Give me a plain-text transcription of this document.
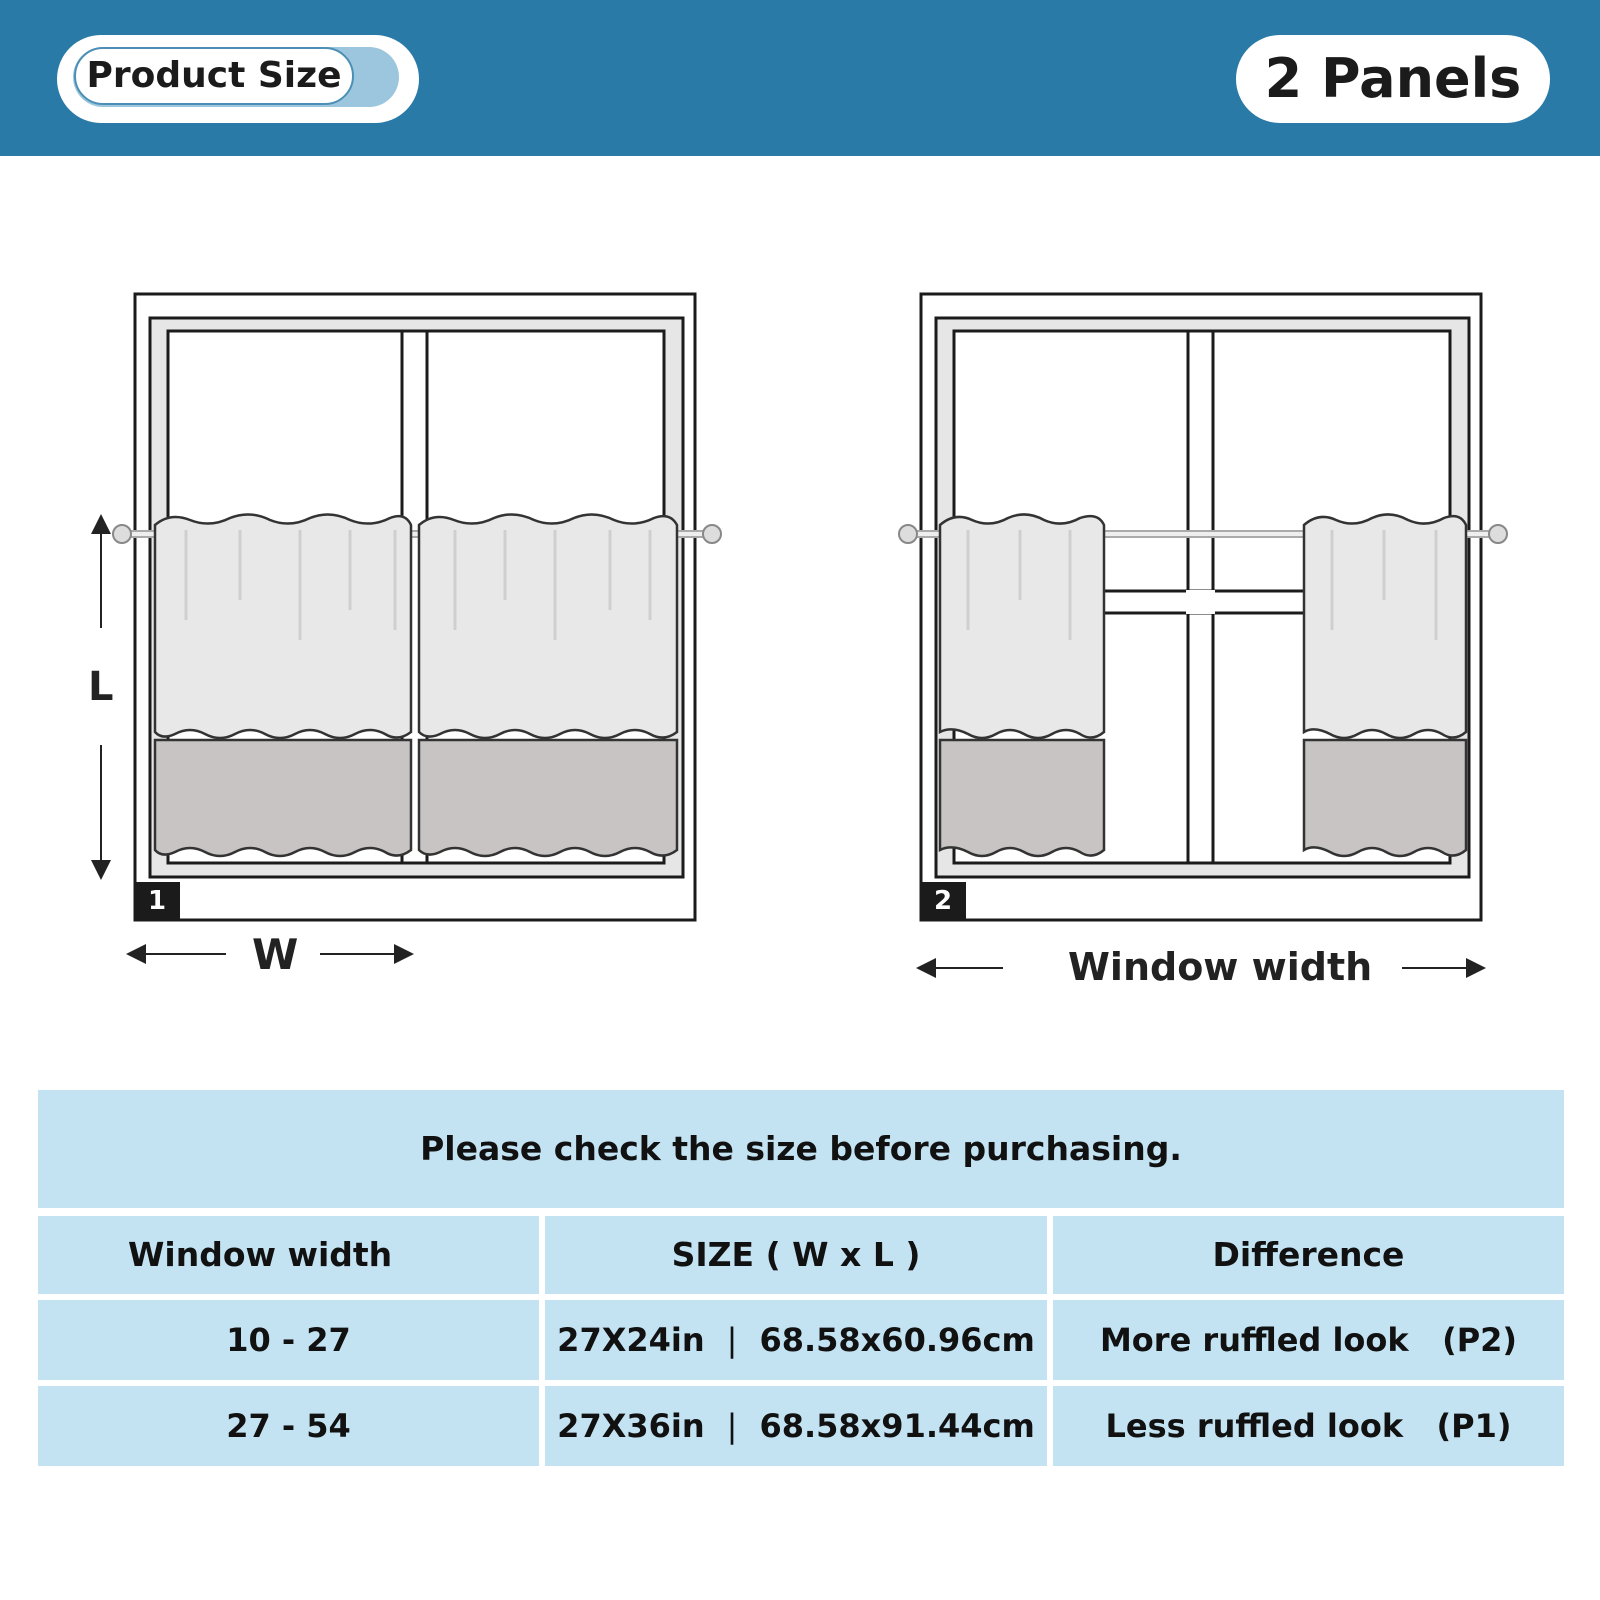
Product Size	2 Panels
L
W
1	2
Window width
Please check the size before purchasing.
Window width	SIZE ( W x L )	Difference
10 - 27	27X24in | 68.58x60.96cm	More ruffled look (P2)
27 - 54	27X36in | 68.58x91.44cm	Less ruffled look (P1)
